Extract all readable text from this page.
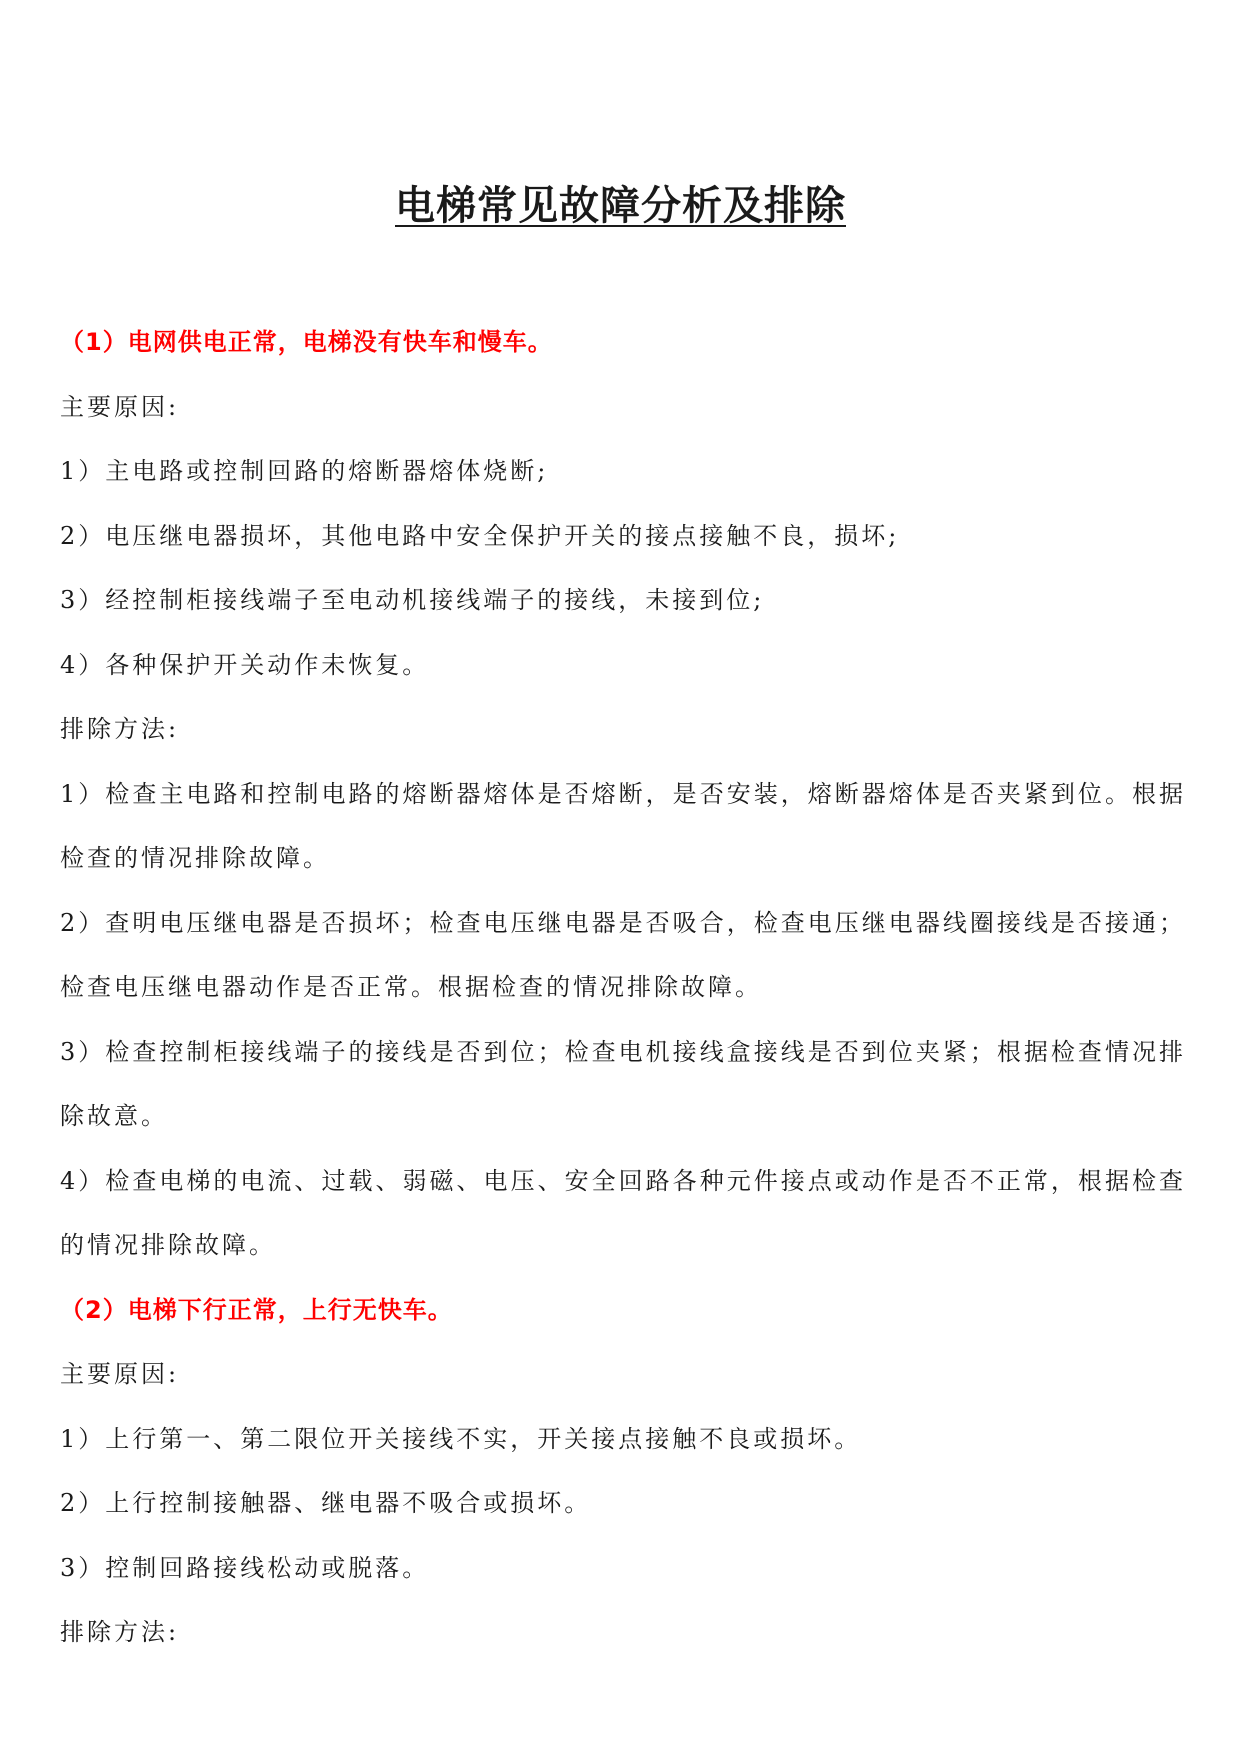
电梯常见故障分析及排除
（1）电网供电正常，电梯没有快车和慢车。
主要原因:
1）主电路或控制回路的熔断器熔体烧断;
2）电压继电器损坏，其他电路中安全保护开关的接点接触不良，损坏;
3）经控制柜接线端子至电动机接线端子的接线，未接到位;
4）各种保护开关动作未恢复。
排除方法:
1）检查主电路和控制电路的熔断器熔体是否熔断，是否安装，熔断器熔体是否夹紧到位。根据检查的情况排除故障。
2）查明电压继电器是否损坏；检查电压继电器是否吸合，检查电压继电器线圈接线是否接通；检查电压继电器动作是否正常。根据检查的情况排除故障。
3）检查控制柜接线端子的接线是否到位；检查电机接线盒接线是否到位夹紧；根据检查情况排除故意。
4）检查电梯的电流、过载、弱磁、电压、安全回路各种元件接点或动作是否不正常，根据检查的情况排除故障。
（2）电梯下行正常，上行无快车。
主要原因:
1）上行第一、第二限位开关接线不实，开关接点接触不良或损坏。
2）上行控制接触器、继电器不吸合或损坏。
3）控制回路接线松动或脱落。
排除方法:
